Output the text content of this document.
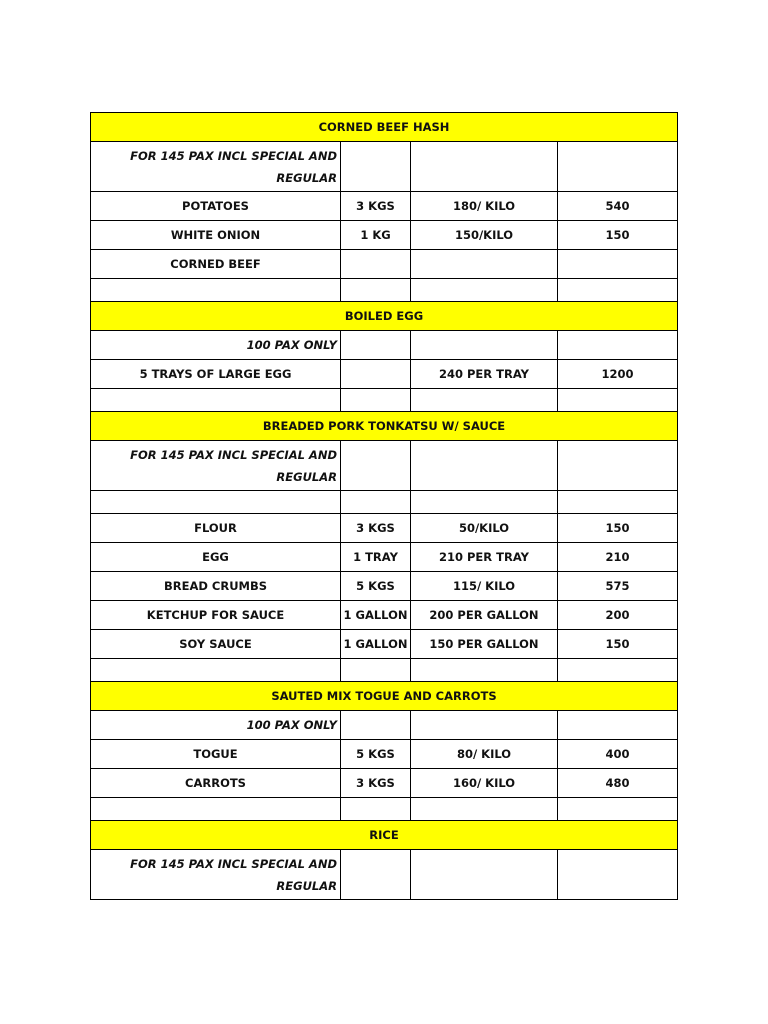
CORNED BEEF HASH			
FOR 145 PAX INCL SPECIAL AND REGULAR			
POTATOES	3 KGS	180/ KILO	540
WHITE ONION	1 KG	150/KILO	150
CORNED BEEF			

BOILED EGG			
100 PAX ONLY			
5 TRAYS OF LARGE EGG		240 PER TRAY	1200

BREADED PORK TONKATSU W/ SAUCE			
FOR 145 PAX INCL SPECIAL AND REGULAR			

FLOUR	3 KGS	50/KILO	150
EGG	1 TRAY	210 PER TRAY	210
BREAD CRUMBS	5 KGS	115/ KILO	575
KETCHUP FOR SAUCE	1 GALLON	200 PER GALLON	200
SOY SAUCE	1 GALLON	150 PER GALLON	150

SAUTED MIX TOGUE AND CARROTS			
100 PAX ONLY			
TOGUE	5 KGS	80/ KILO	400
CARROTS	3 KGS	160/ KILO	480

RICE			
FOR 145 PAX INCL SPECIAL AND REGULAR			
